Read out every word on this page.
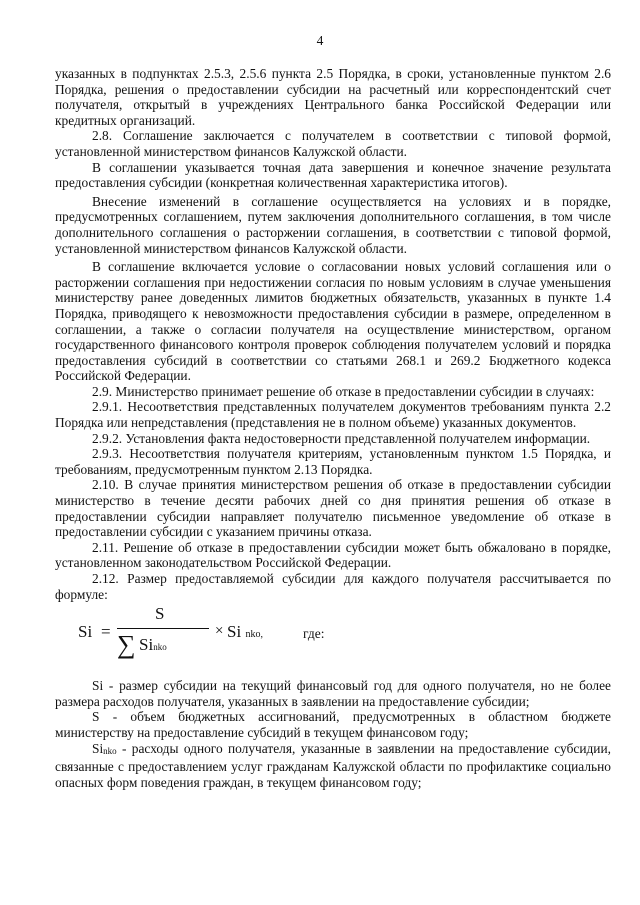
4

указанных в подпунктах 2.5.3, 2.5.6 пункта 2.5 Порядка, в сроки, установленные пунктом 2.6 Порядка, решения о предоставлении субсидии на расчетный или корреспондентский счет получателя, открытый в учреждениях Центрального банка Российской Федерации или кредитных организаций.

2.8. Соглашение заключается с получателем в соответствии с типовой формой, установленной министерством финансов Калужской области.

В соглашении указывается точная дата завершения и конечное значение результата предоставления субсидии (конкретная количественная характеристика итогов).

Внесение изменений в соглашение осуществляется на условиях и в порядке, предусмотренных соглашением, путем заключения дополнительного соглашения, в том числе дополнительного соглашения о расторжении соглашения, в соответствии с типовой формой, установленной министерством финансов Калужской области.

В соглашение включается условие о согласовании новых условий соглашения или о расторжении соглашения при недостижении согласия по новым условиям в случае уменьшения министерству ранее доведенных лимитов бюджетных обязательств, указанных в пункте 1.4 Порядка, приводящего к невозможности предоставления субсидии в размере, определенном в соглашении, а также о согласии получателя на осуществление министерством, органом государственного финансового контроля проверок соблюдения получателем условий и порядка предоставления субсидий в соответствии со статьями 268.1 и 269.2 Бюджетного кодекса Российской Федерации.

2.9. Министерство принимает решение об отказе в предоставлении субсидии в случаях:

2.9.1. Несоответствия представленных получателем документов требованиям пункта 2.2 Порядка или непредставления (представления не в полном объеме) указанных документов.

2.9.2. Установления факта недостоверности представленной получателем информации.

2.9.3. Несоответствия получателя критериям, установленным пунктом 1.5 Порядка, и требованиям, предусмотренным пунктом 2.13 Порядка.

2.10. В случае принятия министерством решения об отказе в предоставлении субсидии министерство в течение десяти рабочих дней со дня принятия решения об отказе в предоставлении субсидии направляет получателю письменное уведомление об отказе в предоставлении субсидии с указанием причины отказа.

2.11. Решение об отказе в предоставлении субсидии может быть обжаловано в порядке, установленном законодательством Российской Федерации.

2.12. Размер предоставляемой субсидии для каждого получателя рассчитывается по формуле:

Si =
S
∑ Sinko
× Si nko,	где:

Si - размер субсидии на текущий финансовый год для одного получателя, но не более размера расходов получателя, указанных в заявлении на предоставление субсидии;

S - объем бюджетных ассигнований, предусмотренных в областном бюджете министерству на предоставление субсидий в текущем финансовом году;

Sinko - расходы одного получателя, указанные в заявлении на предоставление субсидии, связанные с предоставлением услуг гражданам Калужской области по профилактике социально опасных форм поведения граждан, в текущем финансовом году;
